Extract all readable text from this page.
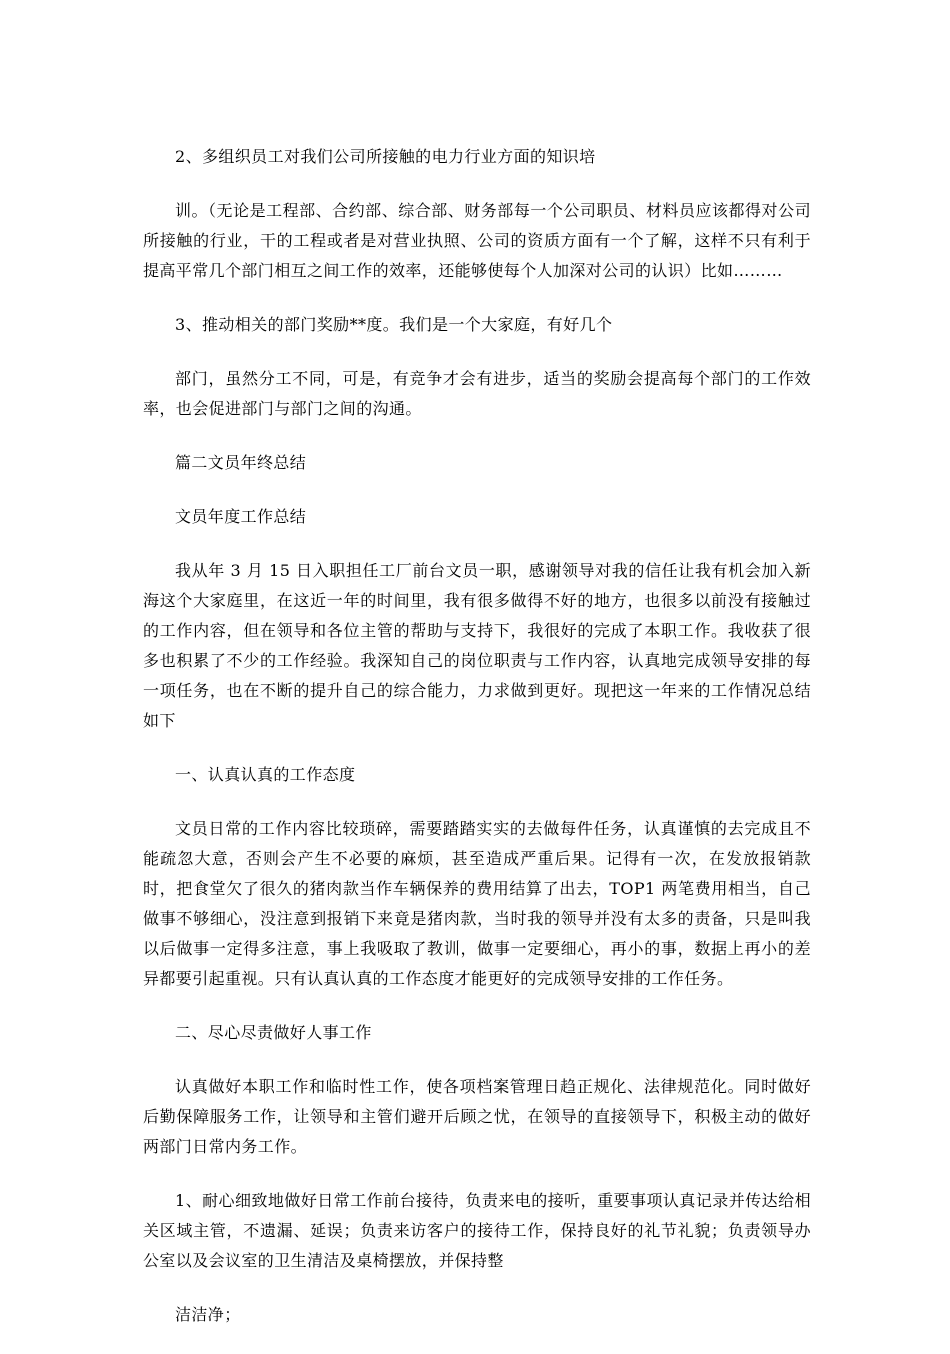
2、多组织员工对我们公司所接触的电力行业方面的知识培

训。（无论是工程部、合约部、综合部、财务部每一个公司职员、材料员应该都得对公司所接触的行业，干的工程或者是对营业执照、公司的资质方面有一个了解，这样不只有利于提高平常几个部门相互之间工作的效率，还能够使每个人加深对公司的认识）比如………

3、推动相关的部门奖励**度。我们是一个大家庭，有好几个

部门，虽然分工不同，可是，有竞争才会有进步，适当的奖励会提高每个部门的工作效率，也会促进部门与部门之间的沟通。

篇二文员年终总结

文员年度工作总结

我从年 3 月 15 日入职担任工厂前台文员一职，感谢领导对我的信任让我有机会加入新海这个大家庭里，在这近一年的时间里，我有很多做得不好的地方，也很多以前没有接触过的工作内容，但在领导和各位主管的帮助与支持下，我很好的完成了本职工作。我收获了很多也积累了不少的工作经验。我深知自己的岗位职责与工作内容，认真地完成领导安排的每一项任务，也在不断的提升自己的综合能力，力求做到更好。现把这一年来的工作情况总结如下

一、认真认真的工作态度

文员日常的工作内容比较琐碎，需要踏踏实实的去做每件任务，认真谨慎的去完成且不能疏忽大意，否则会产生不必要的麻烦，甚至造成严重后果。记得有一次，在发放报销款时，把食堂欠了很久的猪肉款当作车辆保养的费用结算了出去，TOP1 两笔费用相当，自己做事不够细心，没注意到报销下来竟是猪肉款，当时我的领导并没有太多的责备，只是叫我以后做事一定得多注意，事上我吸取了教训，做事一定要细心，再小的事，数据上再小的差异都要引起重视。只有认真认真的工作态度才能更好的完成领导安排的工作任务。

二、尽心尽责做好人事工作

认真做好本职工作和临时性工作，使各项档案管理日趋正规化、法律规范化。同时做好后勤保障服务工作，让领导和主管们避开后顾之忧，在领导的直接领导下，积极主动的做好两部门日常内务工作。

1、耐心细致地做好日常工作前台接待，负责来电的接听，重要事项认真记录并传达给相关区域主管，不遗漏、延误；负责来访客户的接待工作，保持良好的礼节礼貌；负责领导办公室以及会议室的卫生清洁及桌椅摆放，并保持整

洁洁净；
